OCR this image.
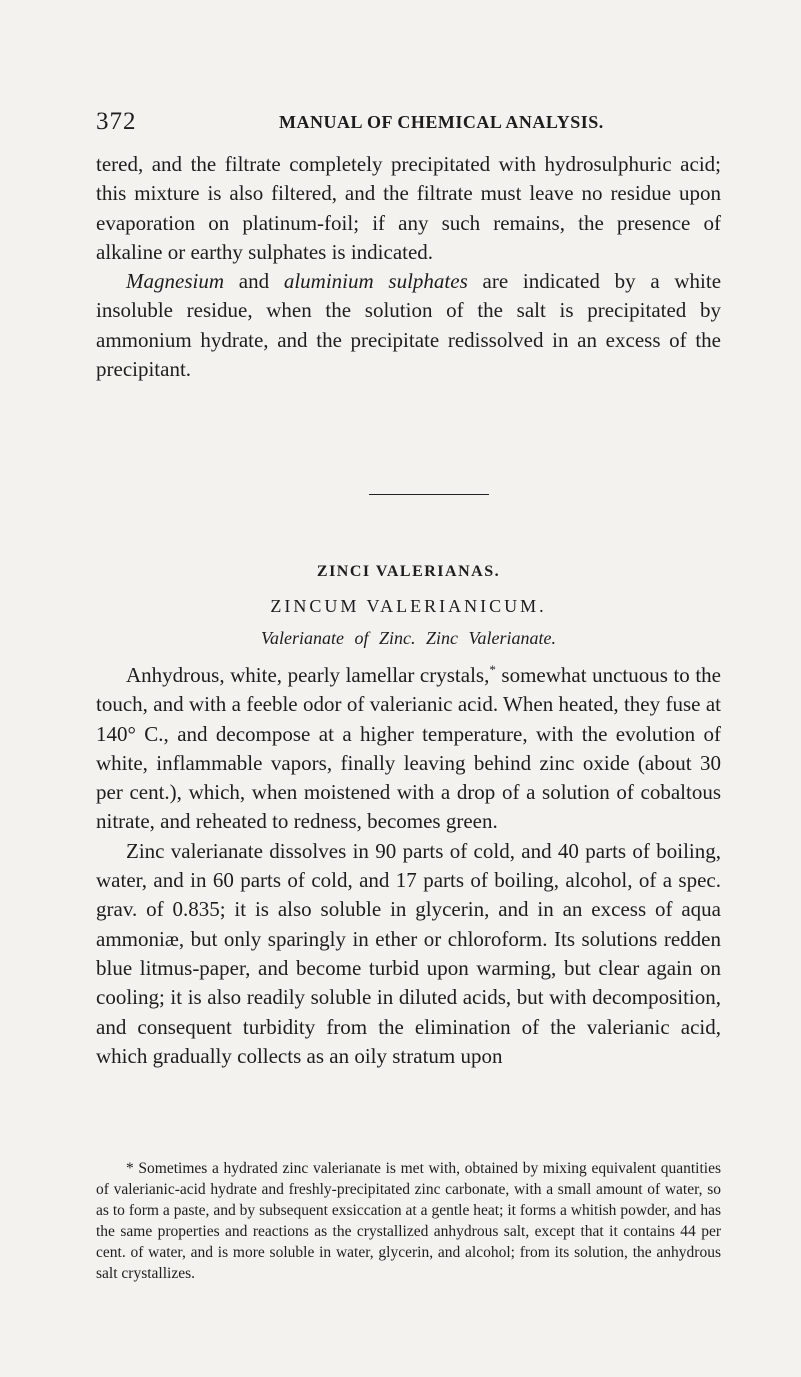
372	MANUAL OF CHEMICAL ANALYSIS.

tered, and the filtrate completely precipitated with hydrosulphuric acid; this mixture is also filtered, and the filtrate must leave no residue upon evaporation on platinum-foil; if any such remains, the presence of alkaline or earthy sulphates is indicated.

Magnesium and aluminium sulphates are indicated by a white insoluble residue, when the solution of the salt is precipitated by ammonium hydrate, and the precipitate redissolved in an excess of the precipitant.

ZINCI VALERIANAS.
ZINCUM VALERIANICUM.
Valerianate of Zinc. Zinc Valerianate.

Anhydrous, white, pearly lamellar crystals,* somewhat unctuous to the touch, and with a feeble odor of valerianic acid. When heated, they fuse at 140° C., and decompose at a higher temperature, with the evolution of white, inflammable vapors, finally leaving behind zinc oxide (about 30 per cent.), which, when moistened with a drop of a solution of cobaltous nitrate, and reheated to redness, becomes green.

Zinc valerianate dissolves in 90 parts of cold, and 40 parts of boiling, water, and in 60 parts of cold, and 17 parts of boiling, alcohol, of a spec. grav. of 0.835; it is also soluble in glycerin, and in an excess of aqua ammoniæ, but only sparingly in ether or chloroform. Its solutions redden blue litmus-paper, and become turbid upon warming, but clear again on cooling; it is also readily soluble in diluted acids, but with decomposition, and consequent turbidity from the elimination of the valerianic acid, which gradually collects as an oily stratum upon

* Sometimes a hydrated zinc valerianate is met with, obtained by mixing equivalent quantities of valerianic-acid hydrate and freshly-precipitated zinc carbonate, with a small amount of water, so as to form a paste, and by subsequent exsiccation at a gentle heat; it forms a whitish powder, and has the same properties and reactions as the crystallized anhydrous salt, except that it contains 44 per cent. of water, and is more soluble in water, glycerin, and alcohol; from its solution, the anhydrous salt crystallizes.
